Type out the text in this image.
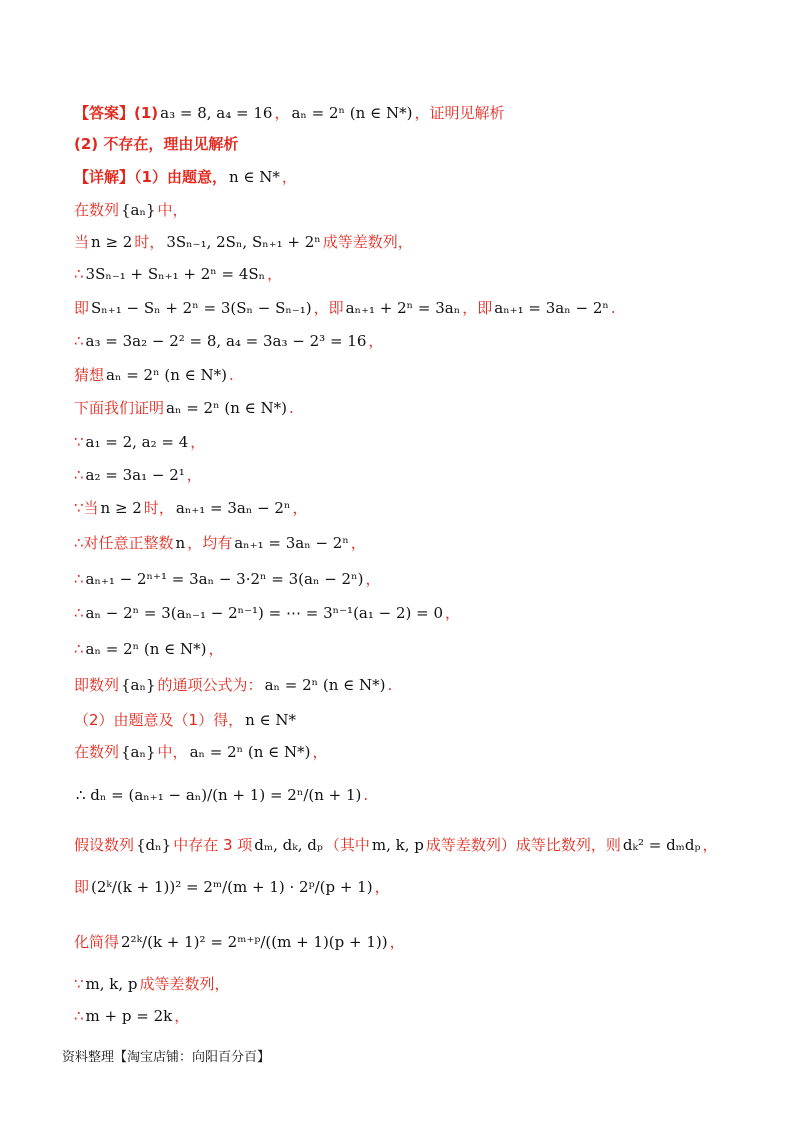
【答案】(1) a₃ = 8, a₄ = 16 ， aₙ = 2ⁿ (n ∈ N*) ，证明见解析
(2) 不存在，理由见解析
【详解】（1）由题意， n ∈ N* ，
在数列 {aₙ} 中，
当 n ≥ 2 时， 3Sₙ₋₁, 2Sₙ, Sₙ₊₁ + 2ⁿ 成等差数列，
∴ 3Sₙ₋₁ + Sₙ₊₁ + 2ⁿ = 4Sₙ ，
即 Sₙ₊₁ − Sₙ + 2ⁿ = 3(Sₙ − Sₙ₋₁) ，即 aₙ₊₁ + 2ⁿ = 3aₙ ，即 aₙ₊₁ = 3aₙ − 2ⁿ .
∴ a₃ = 3a₂ − 2² = 8, a₄ = 3a₃ − 2³ = 16 ，
猜想 aₙ = 2ⁿ (n ∈ N*) .
下面我们证明 aₙ = 2ⁿ (n ∈ N*) .
∵ a₁ = 2, a₂ = 4 ，
∴ a₂ = 3a₁ − 2¹ ，
∵当 n ≥ 2 时， aₙ₊₁ = 3aₙ − 2ⁿ ，
∴对任意正整数 n ，均有 aₙ₊₁ = 3aₙ − 2ⁿ ，
∴ aₙ₊₁ − 2ⁿ⁺¹ = 3aₙ − 3·2ⁿ = 3(aₙ − 2ⁿ) ，
∴ aₙ − 2ⁿ = 3(aₙ₋₁ − 2ⁿ⁻¹) = ⋯ = 3ⁿ⁻¹(a₁ − 2) = 0 ，
∴ aₙ = 2ⁿ (n ∈ N*) ，
即数列 {aₙ} 的通项公式为： aₙ = 2ⁿ (n ∈ N*) .
（2）由题意及（1）得， n ∈ N*
在数列 {aₙ} 中， aₙ = 2ⁿ (n ∈ N*) ，
∴ dₙ = (aₙ₊₁ − aₙ)/(n + 1) = 2ⁿ/(n + 1) .
假设数列 {dₙ} 中存在 3 项 dₘ, dₖ, dₚ （其中 m, k, p 成等差数列）成等比数列，则 dₖ² = dₘdₚ ，
即 (2ᵏ/(k + 1))² = 2ᵐ/(m + 1) · 2ᵖ/(p + 1) ，
化简得 2²ᵏ/(k + 1)² = 2ᵐ⁺ᵖ/((m + 1)(p + 1)) ，
∵ m, k, p 成等差数列，
∴ m + p = 2k ，
资料整理【淘宝店铺：向阳百分百】
